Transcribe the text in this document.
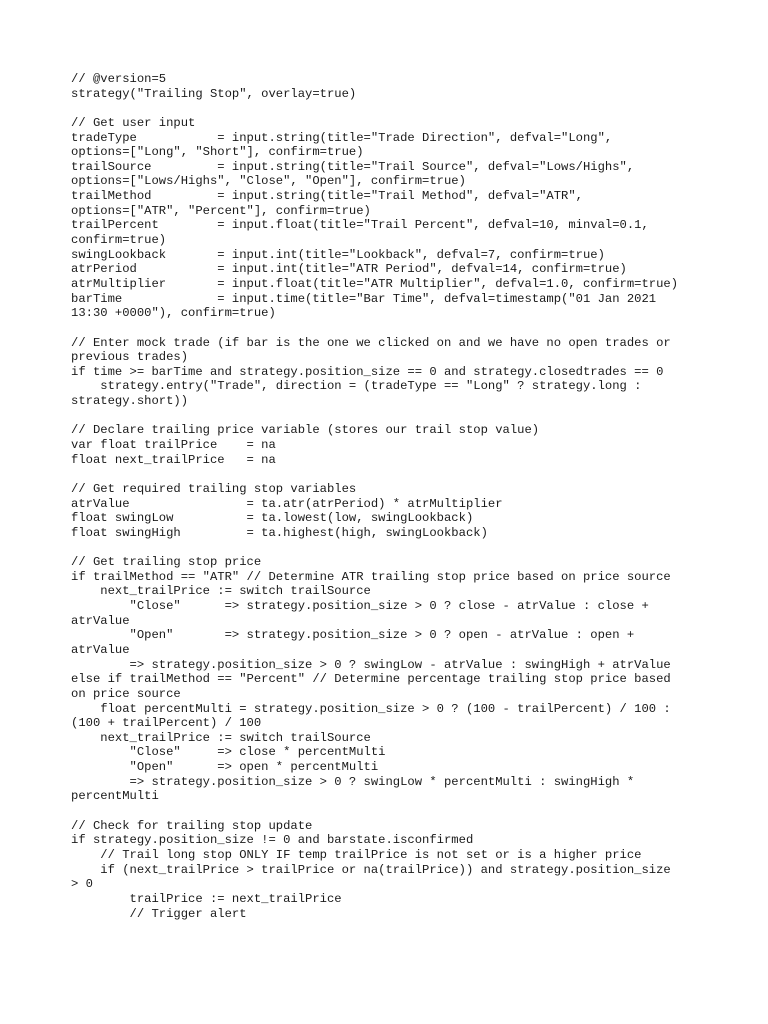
// @version=5
strategy("Trailing Stop", overlay=true)
// Get user input
tradeType           = input.string(title="Trade Direction", defval="Long",
options=["Long", "Short"], confirm=true)
trailSource         = input.string(title="Trail Source", defval="Lows/Highs",
options=["Lows/Highs", "Close", "Open"], confirm=true)
trailMethod         = input.string(title="Trail Method", defval="ATR",
options=["ATR", "Percent"], confirm=true)
trailPercent        = input.float(title="Trail Percent", defval=10, minval=0.1,
confirm=true)
swingLookback       = input.int(title="Lookback", defval=7, confirm=true)
atrPeriod           = input.int(title="ATR Period", defval=14, confirm=true)
atrMultiplier       = input.float(title="ATR Multiplier", defval=1.0, confirm=true)
barTime             = input.time(title="Bar Time", defval=timestamp("01 Jan 2021
13:30 +0000"), confirm=true)
// Enter mock trade (if bar is the one we clicked on and we have no open trades or
previous trades)
if time >= barTime and strategy.position_size == 0 and strategy.closedtrades == 0
strategy.entry("Trade", direction = (tradeType == "Long" ? strategy.long :
strategy.short))
// Declare trailing price variable (stores our trail stop value)
var float trailPrice    = na
float next_trailPrice   = na
// Get required trailing stop variables
atrValue                = ta.atr(atrPeriod) * atrMultiplier
float swingLow          = ta.lowest(low, swingLookback)
float swingHigh         = ta.highest(high, swingLookback)
// Get trailing stop price
if trailMethod == "ATR" // Determine ATR trailing stop price based on price source
next_trailPrice := switch trailSource
"Close"      => strategy.position_size > 0 ? close - atrValue : close +
atrValue
"Open"       => strategy.position_size > 0 ? open - atrValue : open +
atrValue
=> strategy.position_size > 0 ? swingLow - atrValue : swingHigh + atrValue
else if trailMethod == "Percent" // Determine percentage trailing stop price based
on price source
float percentMulti = strategy.position_size > 0 ? (100 - trailPercent) / 100 :
(100 + trailPercent) / 100
next_trailPrice := switch trailSource
"Close"     => close * percentMulti
"Open"      => open * percentMulti
=> strategy.position_size > 0 ? swingLow * percentMulti : swingHigh *
percentMulti
// Check for trailing stop update
if strategy.position_size != 0 and barstate.isconfirmed
// Trail long stop ONLY IF temp trailPrice is not set or is a higher price
if (next_trailPrice > trailPrice or na(trailPrice)) and strategy.position_size
> 0
trailPrice := next_trailPrice
// Trigger alert
